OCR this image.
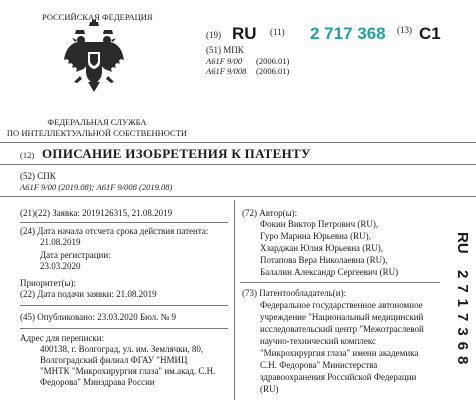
РОССИЙСКАЯ ФЕДЕРАЦИЯ
ФЕДЕРАЛЬНАЯ СЛУЖБА
ПО ИНТЕЛЛЕКТУАЛЬНОЙ СОБСТВЕННОСТИ
(19) RU (11) 2 717 368 (13) C1
(51) МПК
A61F 9/00 (2006.01)
A61F 9/008 (2006.01)
(12) ОПИСАНИЕ ИЗОБРЕТЕНИЯ К ПАТЕНТУ
(52) СПК
A61F 9/00 (2019.08); A61F 9/008 (2019.08)
(21)(22) Заявка: 2019126315, 21.08.2019
(24) Дата начала отсчета срока действия патента:
21.08.2019
Дата регистрации:
23.03.2020
Приоритет(ы):
(22) Дата подачи заявки: 21.08.2019
(45) Опубликовано: 23.03.2020 Бюл. № 9
Адрес для переписки:
400138, г. Волгоград, ул. им. Землячки, 80,
Волгоградский филиал ФГАУ "НМИЦ
"МНТК "Микрохирургия глаза" им.акад. С.Н.
Федорова" Минздрава России
(72) Автор(ы):
Фокин Виктор Петрович (RU),
Гуро Марина Юрьевна (RU),
Хзарджан Юлия Юрьевна (RU),
Потапова Вера Николаевна (RU),
Балалин Александр Сергеевич (RU)
(73) Патентообладатель(и):
Федеральное государственное автономное
учреждение "Национальный медицинский
исследовательский центр "Межотраслевой
научно-технический комплекс
"Микрохирургия глаза" имени академика
С.Н. Федорова" Министерства
здравоохранения Российской Федерации
(RU)
RU
2717368
